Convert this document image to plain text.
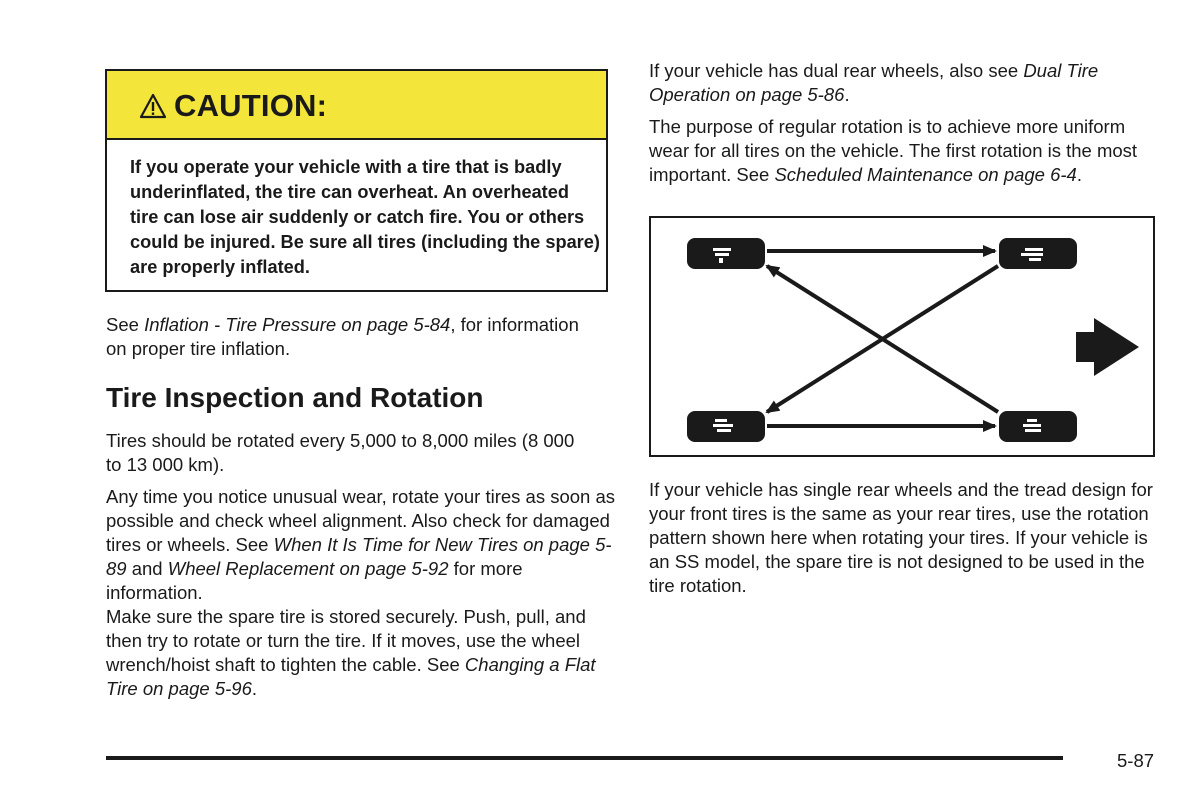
CAUTION:

If you operate your vehicle with a tire that is badly underinflated, the tire can overheat. An overheated tire can lose air suddenly or catch fire. You or others could be injured. Be sure all tires (including the spare) are properly inflated.

See Inflation - Tire Pressure on page 5-84, for information on proper tire inflation.

Tire Inspection and Rotation

Tires should be rotated every 5,000 to 8,000 miles (8 000 to 13 000 km).

Any time you notice unusual wear, rotate your tires as soon as possible and check wheel alignment. Also check for damaged tires or wheels. See When It Is Time for New Tires on page 5-89 and Wheel Replacement on page 5-92 for more information.

Make sure the spare tire is stored securely. Push, pull, and then try to rotate or turn the tire. If it moves, use the wheel wrench/hoist shaft to tighten the cable. See Changing a Flat Tire on page 5-96.

If your vehicle has dual rear wheels, also see Dual Tire Operation on page 5-86.

The purpose of regular rotation is to achieve more uniform wear for all tires on the vehicle. The first rotation is the most important. See Scheduled Maintenance on page 6-4.

If your vehicle has single rear wheels and the tread design for your front tires is the same as your rear tires, use the rotation pattern shown here when rotating your tires. If your vehicle is an SS model, the spare tire is not designed to be used in the tire rotation.

5-87
